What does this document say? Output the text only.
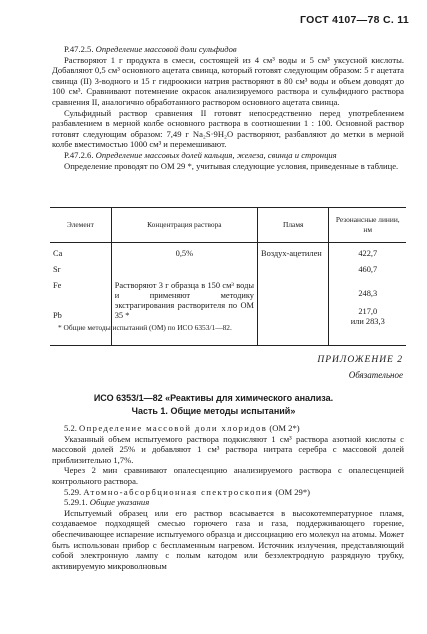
ГОСТ 4107—78 С. 11
Р.47.2.5. Определение массовой доли сульфидов
Растворяют 1 г продукта в смеси, состоящей из 4 см³ воды и 5 см³ уксусной кислоты. Добавляют 0,5 см³ основного ацетата свинца, который готовят следующим образом: 5 г ацетата свинца (II) 3-водного и 15 г гидроокиси натрия растворяют в 80 см³ воды и объем доводят до 100 см³. Сравнивают потемнение окрасок анализируемого раствора и сульфидного раствора сравнения II, аналогично обработанного раствором основного ацетата свинца.
Сульфидный раствор сравнения II готовят непосредственно перед употреблением разбавлением в мерной колбе основного раствора в соотношении 1 : 100. Основной раствор готовят следующим образом: 7,49 г Na₂S·9H₂O растворяют, разбавляют до метки в мерной колбе вместимостью 1000 см³ и перемешивают.
Р.47.2.6. Определение массовых долей кальция, железа, свинца и стронция
Определение проводят по ОМ 29 *, учитывая следующие условия, приведенные в таблице.
Элемент	Концентрация раствора	Пламя	Резонансные линии, нм
Ca	0,5%	Воздух-ацетилен	422,7
Sr			460,7
Fe	Растворяют 3 г образца в 150 см³ воды и применяют методику экстрагирования растворителя по ОМ 35 *		248,3
Pb			217,0
или 283,3
* Общие методы испытаний (ОМ) по ИСО 6353/1—82.
ПРИЛОЖЕНИЕ 2
Обязательное
ИСО 6353/1—82 «Реактивы для химического анализа.
Часть 1. Общие методы испытаний»
5.2. Определение массовой доли хлоридов (ОМ 2*)
Указанный объем испытуемого раствора подкисляют 1 см³ раствора азотной кислоты с массовой долей 25% и добавляют 1 см³ раствора нитрата серебра с массовой долей приблизительно 1,7%.
Через 2 мин сравнивают опалесценцию анализируемого раствора с опалесценцией контрольного раствора.
5.29. Атомно-абсорбционная спектроскопия (ОМ 29*)
5.29.1. Общие указания
Испытуемый образец или его раствор всасывается в высокотемпературное пламя, создаваемое подходящей смесью горючего газа и газа, поддерживающего горение, обеспечивающее испарение испытуемого образца и диссоциацию его молекул на атомы. Может быть использован прибор с беспламенным нагревом. Источник излучения, представляющий собой электронную лампу с полым катодом или безэлектродную разрядную трубку, активируемую микроволновым
